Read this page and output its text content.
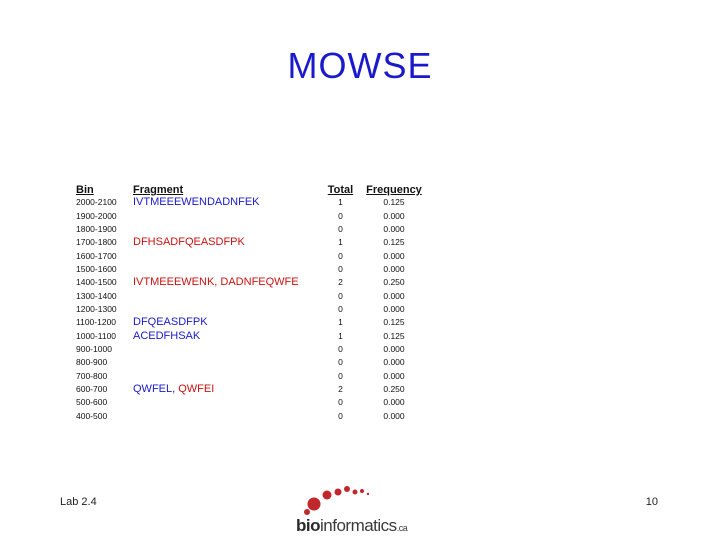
MOWSE
Bin	Fragment	Total	Frequency
2000-2100	IVTMEEEWENDADNFEK	1	0.125
1900-2000		0	0.000
1800-1900		0	0.000
1700-1800	DFHSADFQEASDFPK	1	0.125
1600-1700		0	0.000
1500-1600		0	0.000
1400-1500	IVTMEEEWENK, DADNFEQWFE	2	0.250
1300-1400		0	0.000
1200-1300		0	0.000
1100-1200	DFQEASDFPK	1	0.125
1000-1100	ACEDFHSAK	1	0.125
900-1000		0	0.000
800-900		0	0.000
700-800		0	0.000
600-700	QWFEL, QWFEI	2	0.250
500-600		0	0.000
400-500		0	0.000
Lab 2.4	10
bioinformatics.ca
